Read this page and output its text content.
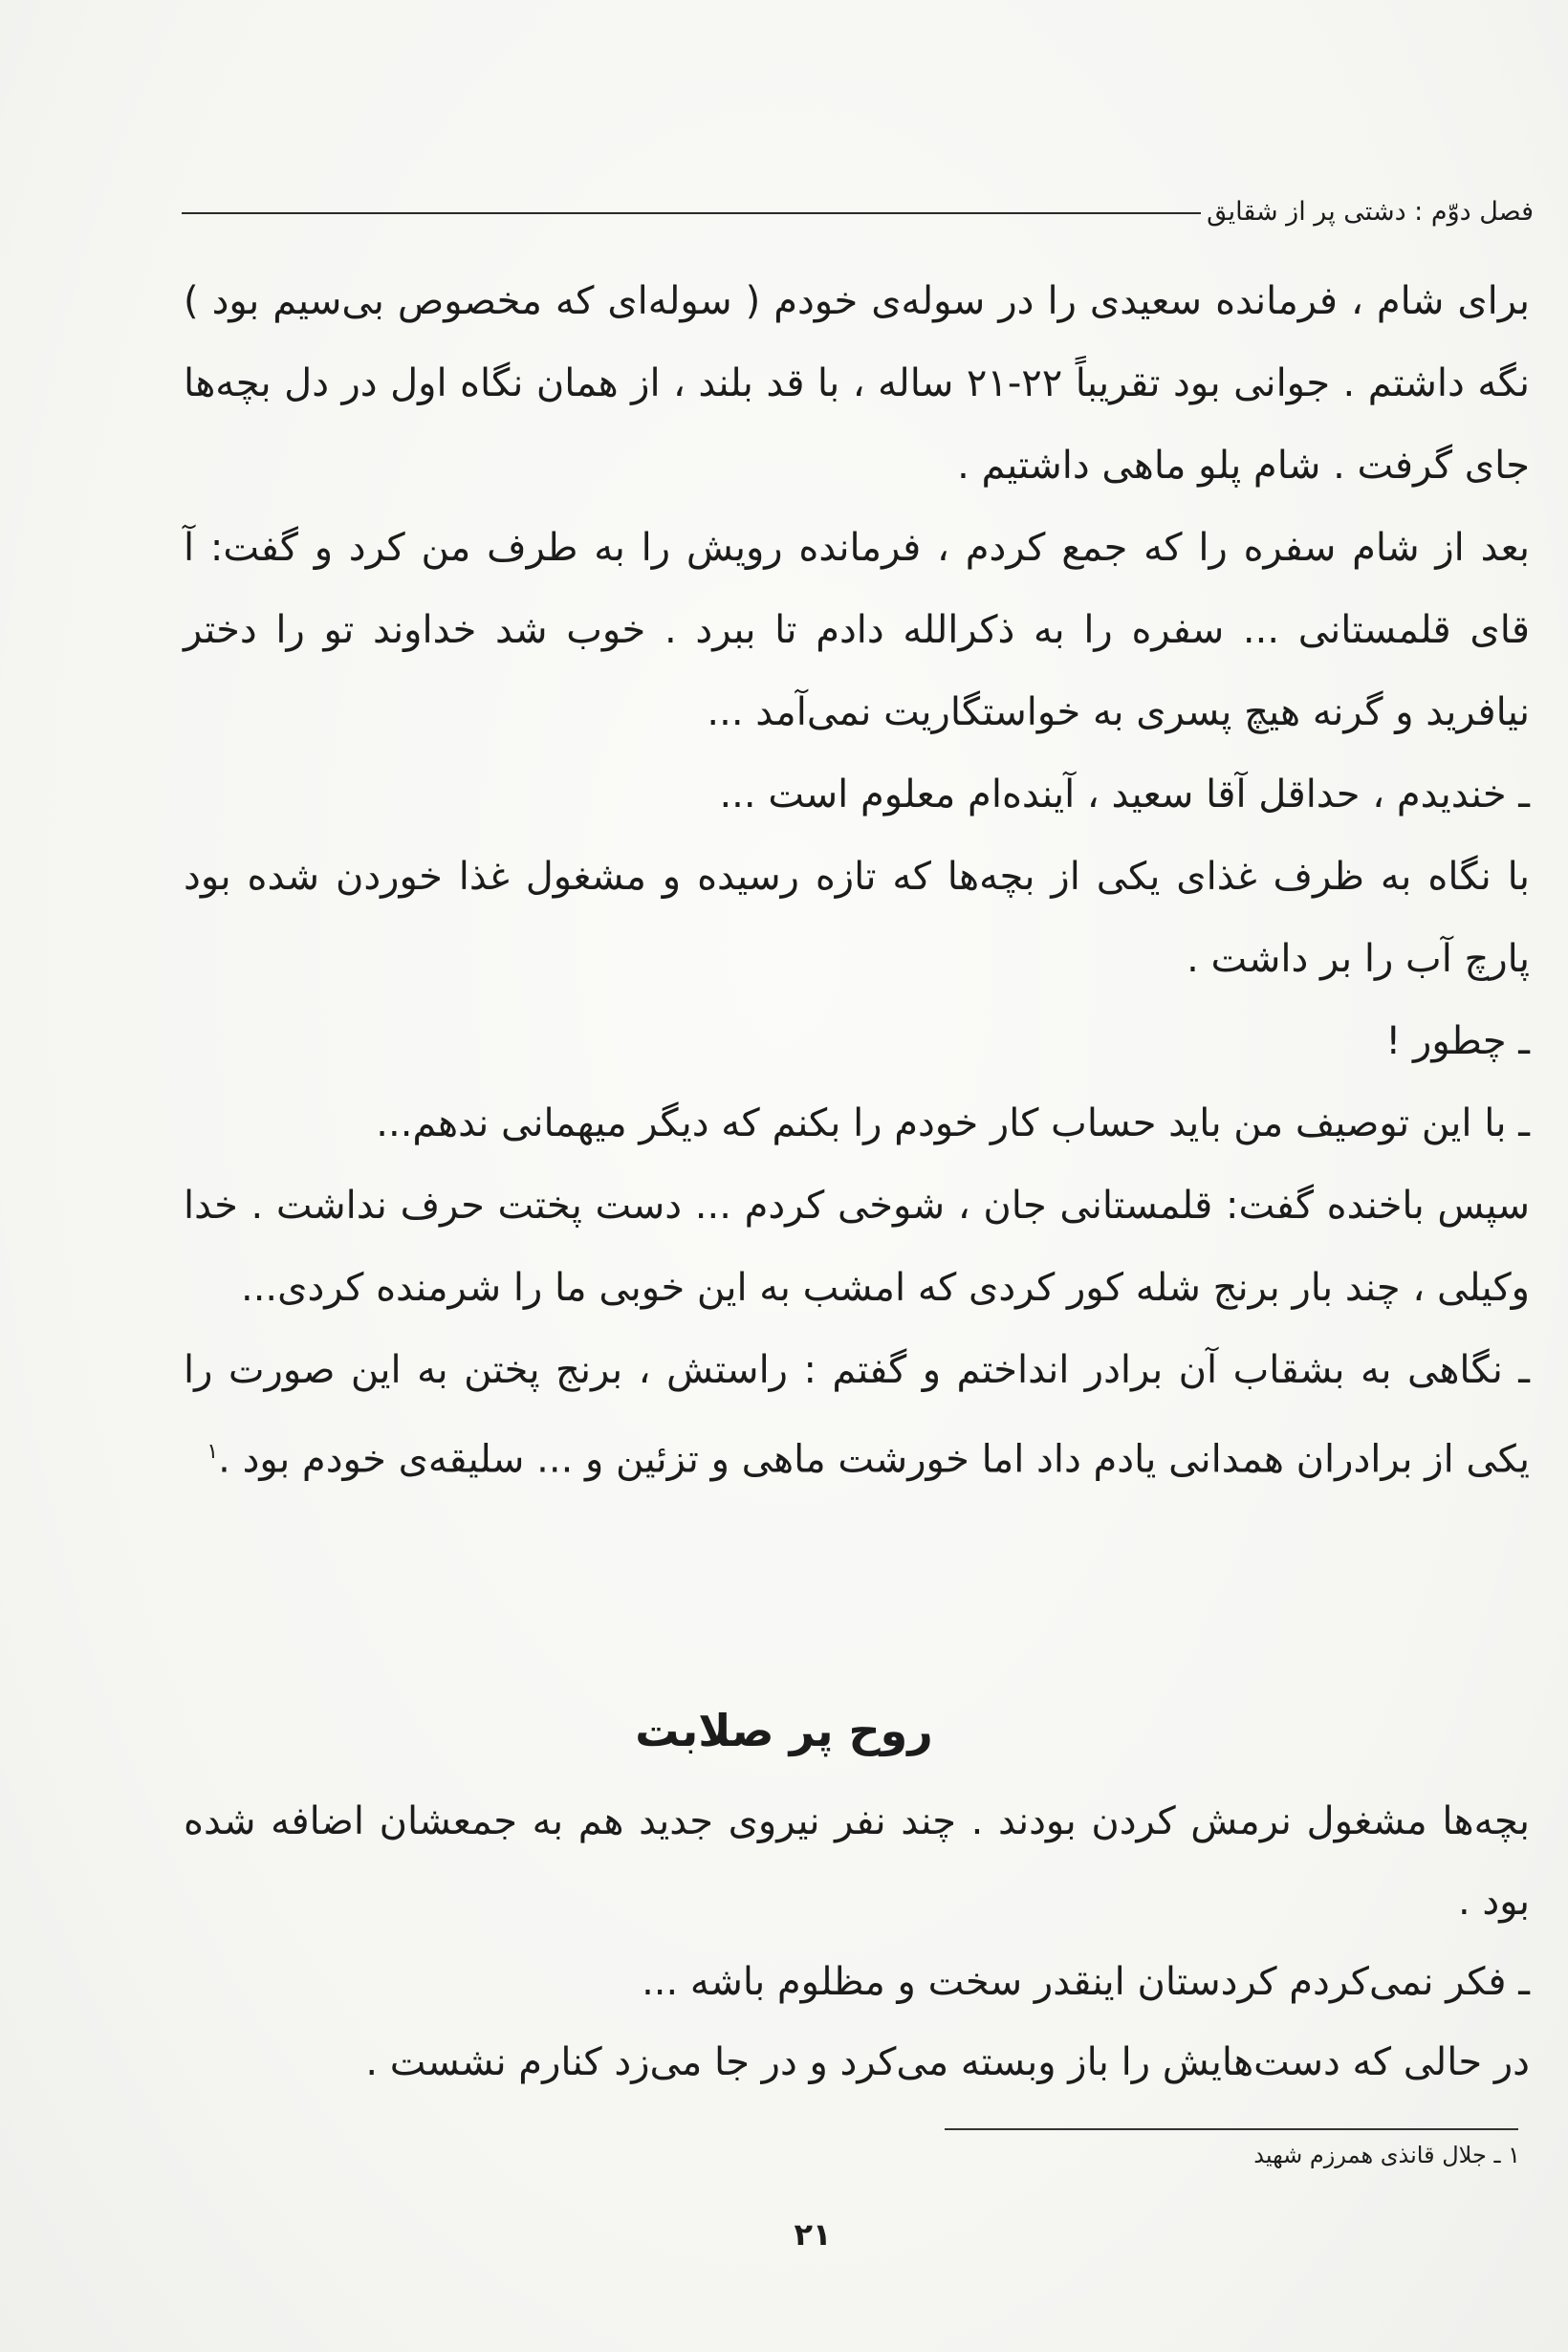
فصل دوّم : دشتی پر از شقایق

برای شام ، فرمانده سعیدی را در سوله‌ی خودم ( سوله‌ای که مخصوص بی‌سیم بود ) نگه داشتم . جوانی بود تقریباً ۲۲-۲۱ ساله ، با قد بلند ، از همان نگاه اول در دل بچه‌ها جای گرفت . شام پلو ماهی داشتیم .

بعد از شام سفره را که جمع کردم ، فرمانده رویش را به طرف من کرد و گفت: آ قای قلمستانی ... سفره را به ذکرالله دادم تا ببرد . خوب شد خداوند تو را دختر نیافرید و گرنه هیچ پسری به خواستگاریت نمی‌آمد ...

ـ خندیدم ، حداقل آقا سعید ، آینده‌ام معلوم است ...

با نگاه به ظرف غذای یکی از بچه‌ها که تازه رسیده و مشغول غذا خوردن شده بود پارچ آب را بر داشت .

ـ چطور !

ـ با این توصیف من باید حساب کار خودم را بکنم که دیگر میهمانی ندهم...

سپس باخنده گفت: قلمستانی جان ، شوخی کردم ... دست پختت حرف نداشت . خدا وکیلی ، چند بار برنج شله کور کردی که امشب به این خوبی ما را شرمنده کردی...

ـ نگاهی به بشقاب آن برادر انداختم و گفتم : راستش ، برنج پختن به این صورت را یکی از برادران همدانی یادم داد اما خورشت ماهی و تزئین و ... سلیقه‌ی خودم بود .$^۱$

روح پر صلابت

بچه‌ها مشغول نرمش کردن بودند . چند نفر نیروی جدید هم به جمعشان اضافه شده بود .

ـ فکر نمی‌کردم کردستان اینقدر سخت و مظلوم باشه ...

در حالی که دست‌هایش را باز وبسته می‌کرد و در جا می‌زد کنارم نشست .

۱ ـ جلال قانذی همرزم شهید
۲۱
